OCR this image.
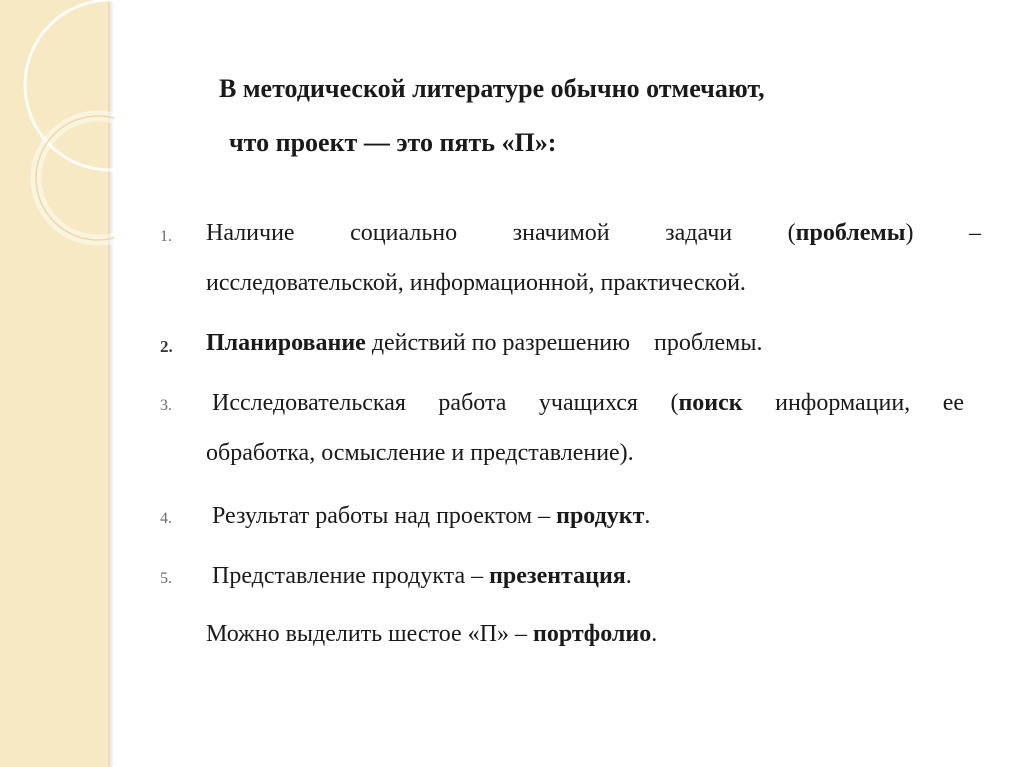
В методической литературе обычно отмечают,
что проект — это пять «П»:
1.	Наличие социально значимой задачи (проблемы) –
исследовательской, информационной, практической.
2.	Планирование действий по разрешению    проблемы.
3.	Исследовательская работа учащихся (поиск информации, ее
обработка, осмысление и представление).
4.	Результат работы над проектом – продукт.
5.	Представление продукта – презентация.
Можно выделить шестое «П» – портфолио.
